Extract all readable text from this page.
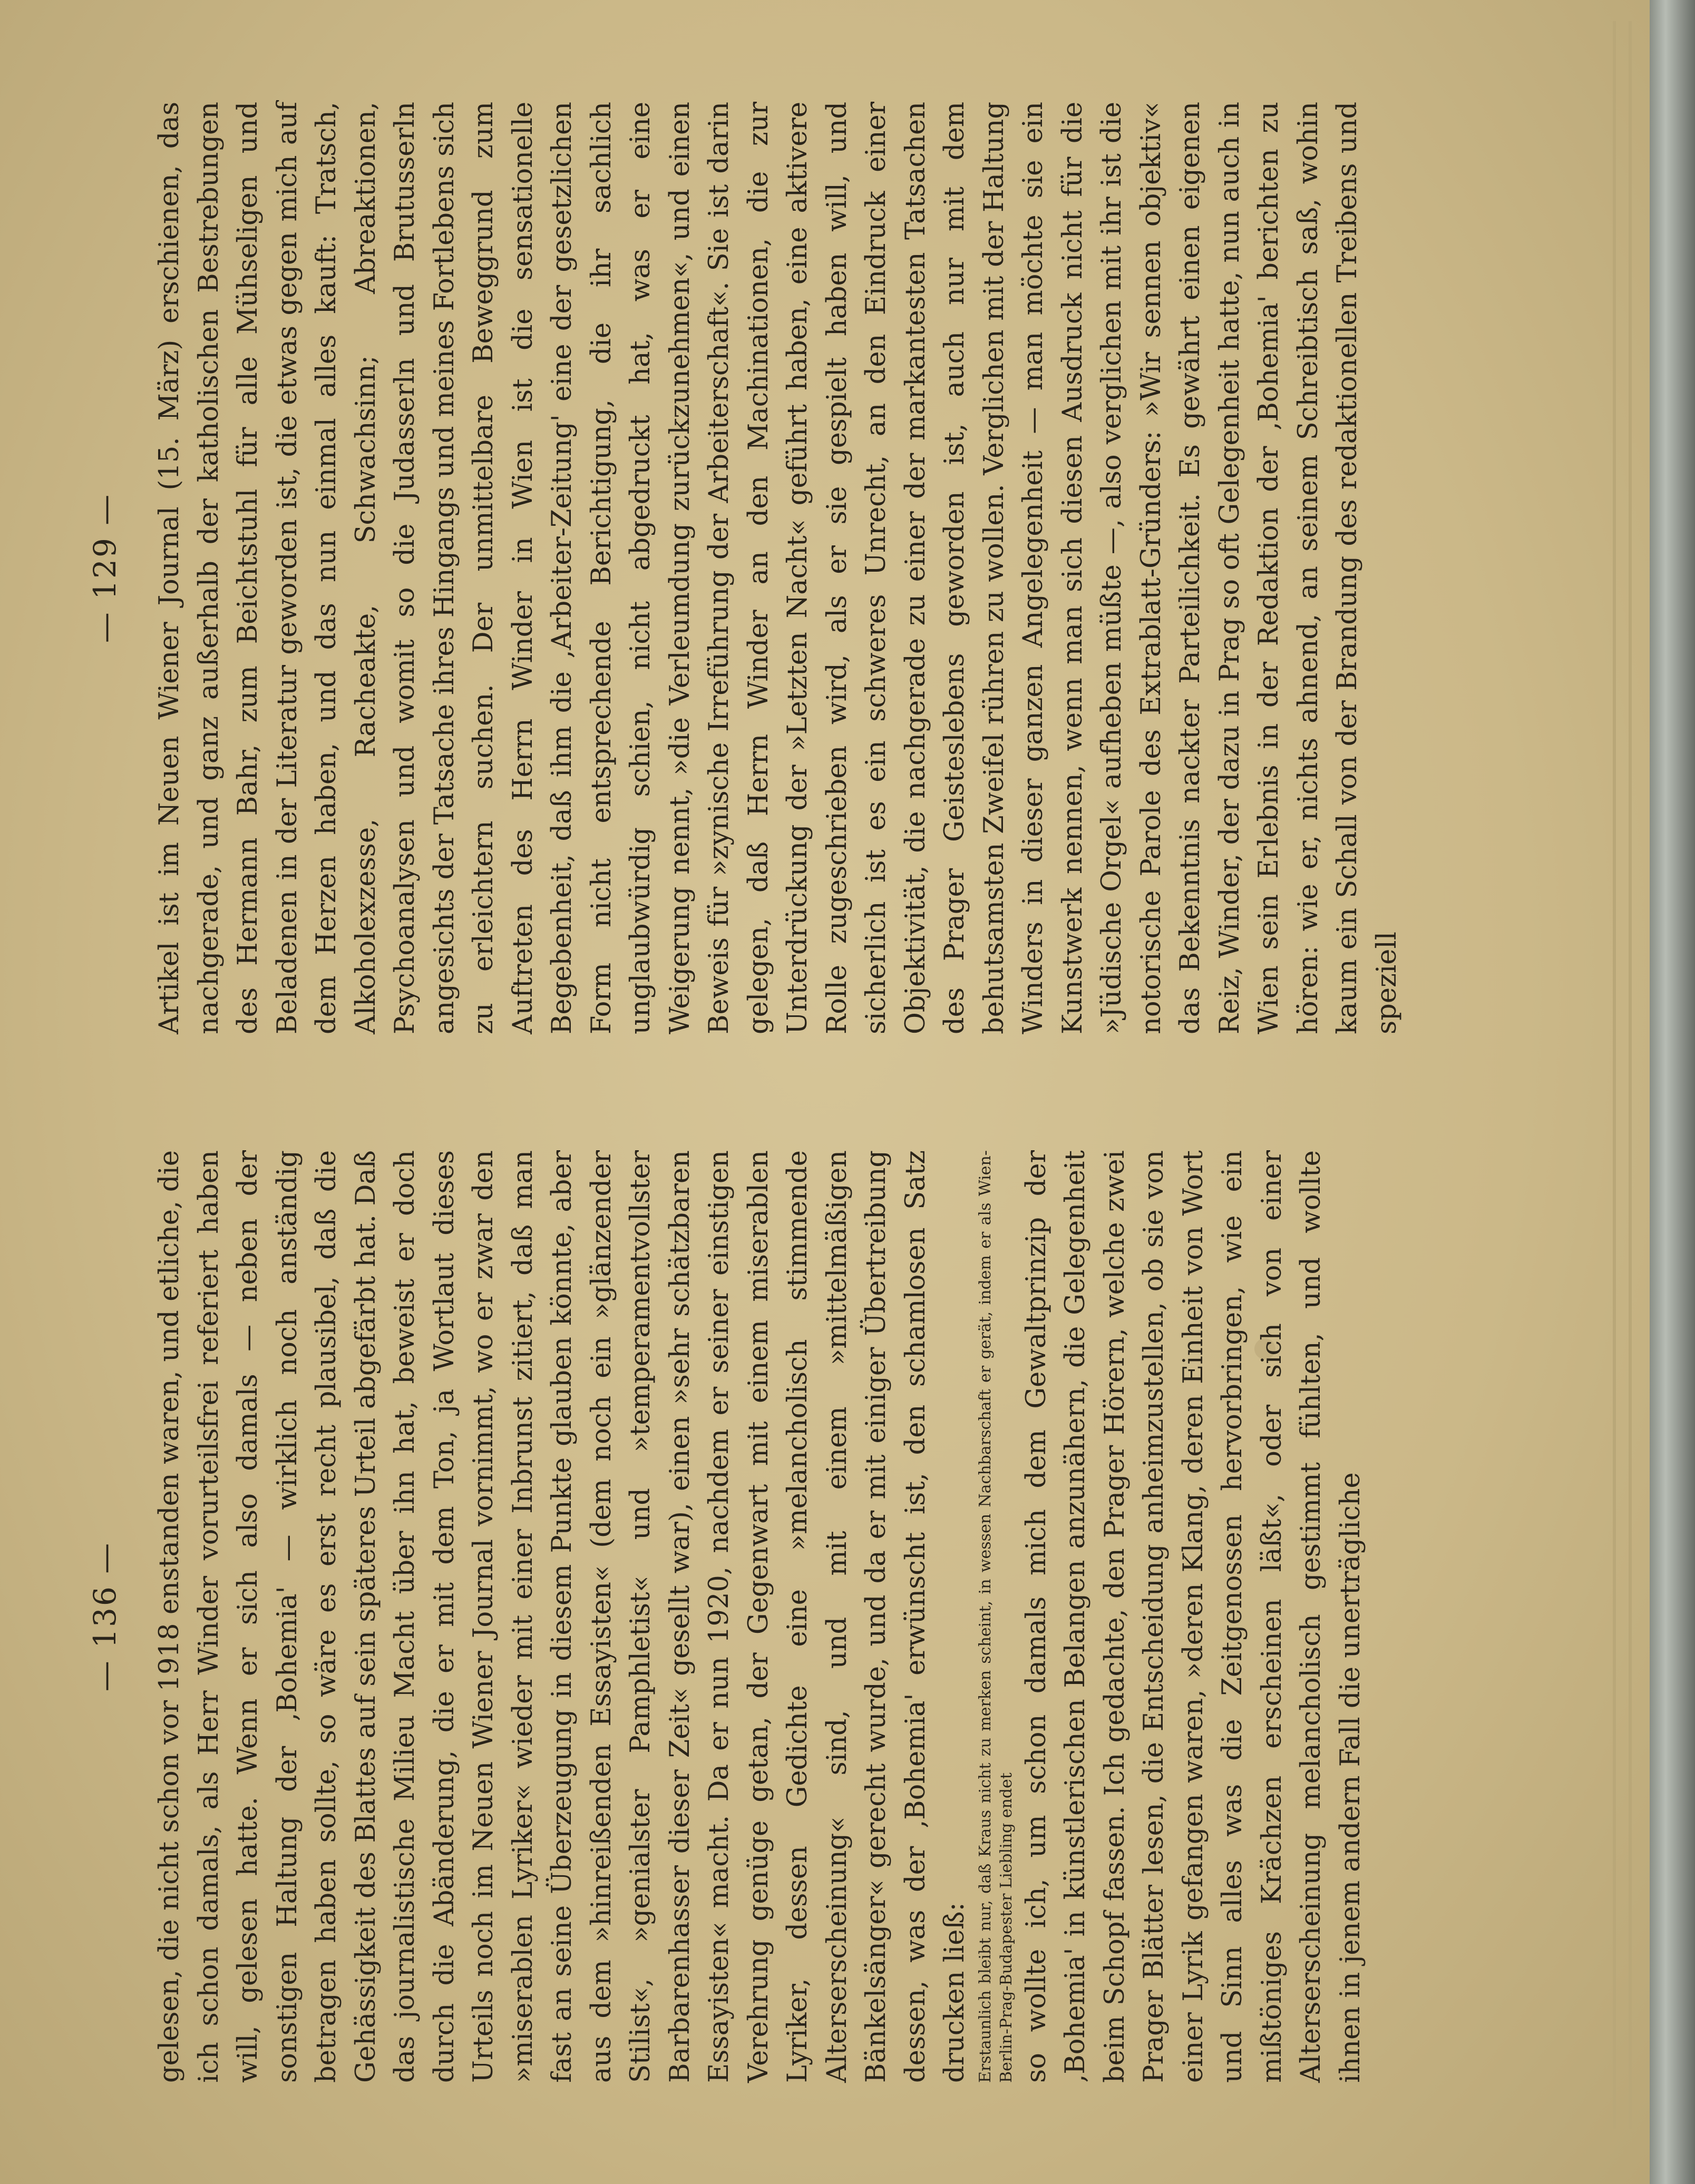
— 136 — gelesen, die nicht schon vor 1918 enstanden waren, und etliche, die ich schon damals, als Herr Winder vorurteilsfrei referiert haben will, gelesen hatte. Wenn er sich also damals — neben der sonstigen Haltung der ‚Bohemia' — wirklich noch anständig betragen haben sollte, so wäre es erst recht plausibel, daß die Gehässigkeit des Blattes auf sein späteres Urteil abgefärbt hat. Daß das journalistische Milieu Macht über ihn hat, beweist er doch durch die Abänderung, die er mit dem Ton, ja Wortlaut dieses Urteils noch im Neuen Wiener Journal vornimmt, wo er zwar den »miserablen Lyriker« wieder mit einer Inbrunst zitiert, daß man fast an seine Überzeugung in diesem Punkte glauben könnte, aber aus dem »hinreißenden Essayisten« (dem noch ein »glänzender Stilist«, »genialster Pamphletist« und »temperamentvollster Barbarenhasser dieser Zeit« gesellt war), einen »sehr schätzbaren Essayisten« macht. Da er nun 1920, nachdem er seiner einstigen Verehrung genüge getan, der Gegenwart mit einem miserablen Lyriker, dessen Gedichte eine »melancholisch stimmende Alterserscheinung« sind, und mit einem »mittelmäßigen Bänkelsänger« gerecht wurde, und da er mit einiger Übertreibung dessen, was der ‚Bohemia' erwünscht ist, den schamlosen Satz drucken ließ: Erstaunlich bleibt nur, daß Kraus nicht zu merken scheint, in wessen Nachbarschaft er gerät, indem er als Wien-Berlin-Prag-Budapester Liebling endet so wollte ich, um schon damals mich dem Gewaltprinzip der ‚Bohemia' in künstlerischen Belangen anzunähern, die Gelegenheit beim Schopf fassen. Ich gedachte, den Prager Hörern, welche zwei Prager Blätter lesen, die Entscheidung anheimzustellen, ob sie von einer Lyrik gefangen waren, »deren Klang, deren Einheit von Wort und Sinn alles was die Zeitgenossen hervorbringen, wie ein mißtöniges Krächzen erscheinen läßt«, oder sich von einer Alterserscheinung melancholisch gestimmt fühlten, und wollte ihnen in jenem andern Fall die unerträgliche

— 129 — Artikel ist im Neuen Wiener Journal (15. März) erschienen, das nachgerade, und ganz außerhalb der katholischen Bestrebungen des Hermann Bahr, zum Beichtstuhl für alle Mühseligen und Beladenen in der Literatur geworden ist, die etwas gegen mich auf dem Herzen haben, und das nun einmal alles kauft: Tratsch, Alkoholexzesse, Racheakte, Schwachsinn; Abreaktionen, Psychoanalysen und womit so die Judasserln und Brutusserln angesichts der Tatsache ihres Hingangs und meines Fortlebens sich zu erleichtern suchen. Der unmittelbare Beweggrund zum Auftreten des Herrn Winder in Wien ist die sensationelle Begebenheit, daß ihm die ‚Arbeiter-Zeitung' eine der gesetzlichen Form nicht entsprechende Berichtigung, die ihr sachlich unglaubwürdig schien, nicht abgedruckt hat, was er eine Weigerung nennt, »die Verleumdung zurückzunehmen«, und einen Beweis für »zynische Irreführung der Arbeiterschaft«. Sie ist darin gelegen, daß Herrn Winder an den Machinationen, die zur Unterdrückung der »Letzten Nacht« geführt haben, eine aktivere Rolle zugeschrieben wird, als er sie gespielt haben will, und sicherlich ist es ein schweres Unrecht, an den Eindruck einer Objektivität, die nachgerade zu einer der markantesten Tatsachen des Prager Geisteslebens geworden ist, auch nur mit dem behutsamsten Zweifel rühren zu wollen. Verglichen mit der Haltung Winders in dieser ganzen Angelegenheit — man möchte sie ein Kunstwerk nennen, wenn man sich diesen Ausdruck nicht für die »Jüdische Orgel« aufheben müßte —, also verglichen mit ihr ist die notorische Parole des Extrablatt-Gründers: »Wir sennen objektiv« das Bekenntnis nackter Parteilichkeit. Es gewährt einen eigenen Reiz, Winder, der dazu in Prag so oft Gelegenheit hatte, nun auch in Wien sein Erlebnis in der Redaktion der ‚Bohemia' berichten zu hören: wie er, nichts ahnend, an seinem Schreibtisch saß, wohin kaum ein Schall von der Brandung des redaktionellen Treibens und speziell
